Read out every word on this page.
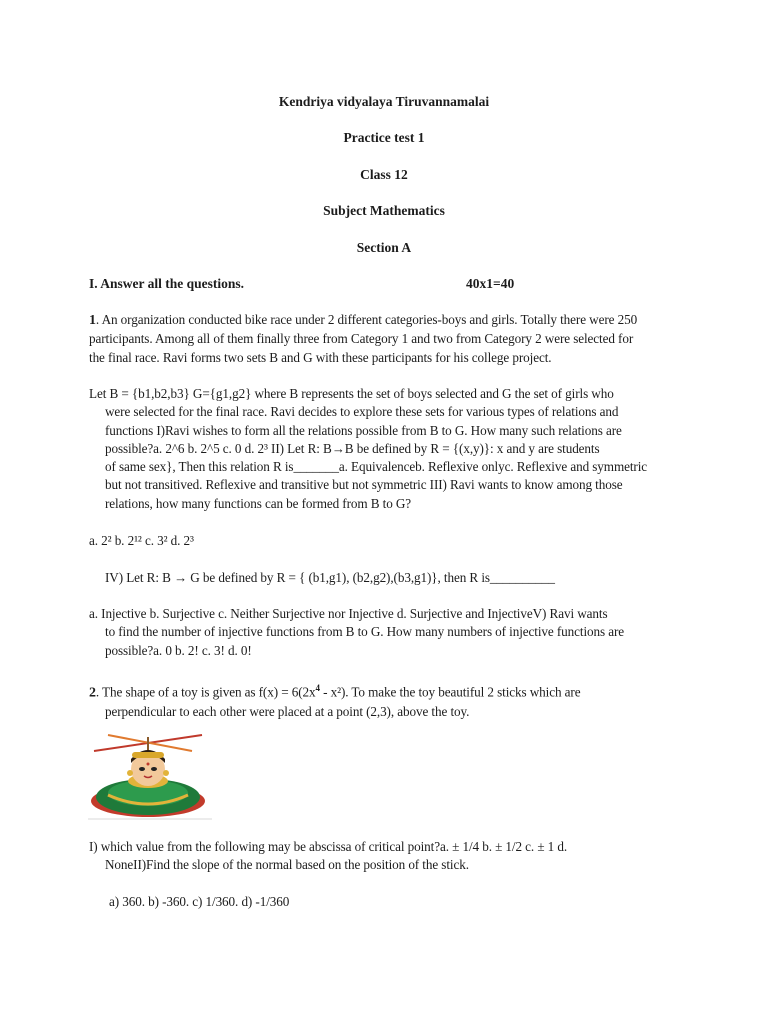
Kendriya vidyalaya Tiruvannamalai
Practice test 1
Class 12
Subject Mathematics
Section A
I. Answer all the questions.	40x1=40
1. An organization conducted bike race under 2 different categories-boys and girls. Totally there were 250
participants. Among all of them finally three from Category 1 and two from Category 2 were selected for
the final race. Ravi forms two sets B and G with these participants for his college project.
Let B = {b1,b2,b3} G={g1,g2} where B represents the set of boys selected and G the set of girls who

were selected for the final race. Ravi decides to explore these sets for various types of relations and
functions I)Ravi wishes to form all the relations possible from B to G. How many such relations are
possible?a. 2^6 b. 2^5 c. 0 d. 2³ II) Let R: B→B be defined by R = {(x,y)}: x and y are students
of same sex}, Then this relation R is_______a. Equivalenceb. Reflexive onlyc. Reflexive and symmetric
but not transitived. Reflexive and transitive but not symmetric III) Ravi wants to know among those
relations, how many functions can be formed from B to G?
a. 2² b. 2¹² c. 3² d. 2³
IV) Let R: B → G be defined by R = { (b1,g1), (b2,g2),(b3,g1)}, then R is__________
a. Injective b. Surjective c. Neither Surjective nor Injective d. Surjective and InjectiveV) Ravi wants

to find the number of injective functions from B to G. How many numbers of injective functions are
possible?a. 0 b. 2! c. 3! d. 0!
2. The shape of a toy is given as $f(x) = 6(2x^4 - x^2)$. To make the toy beautiful 2 sticks which are

perpendicular to each other were placed at a point (2,3), above the toy.
I) which value from the following may be abscissa of critical point?a. ± 1/4 b. ± 1/2 c. ± 1 d.

NoneII)Find the slope of the normal based on the position of the stick.
a) 360. b) -360. c) 1/360. d) -1/360
